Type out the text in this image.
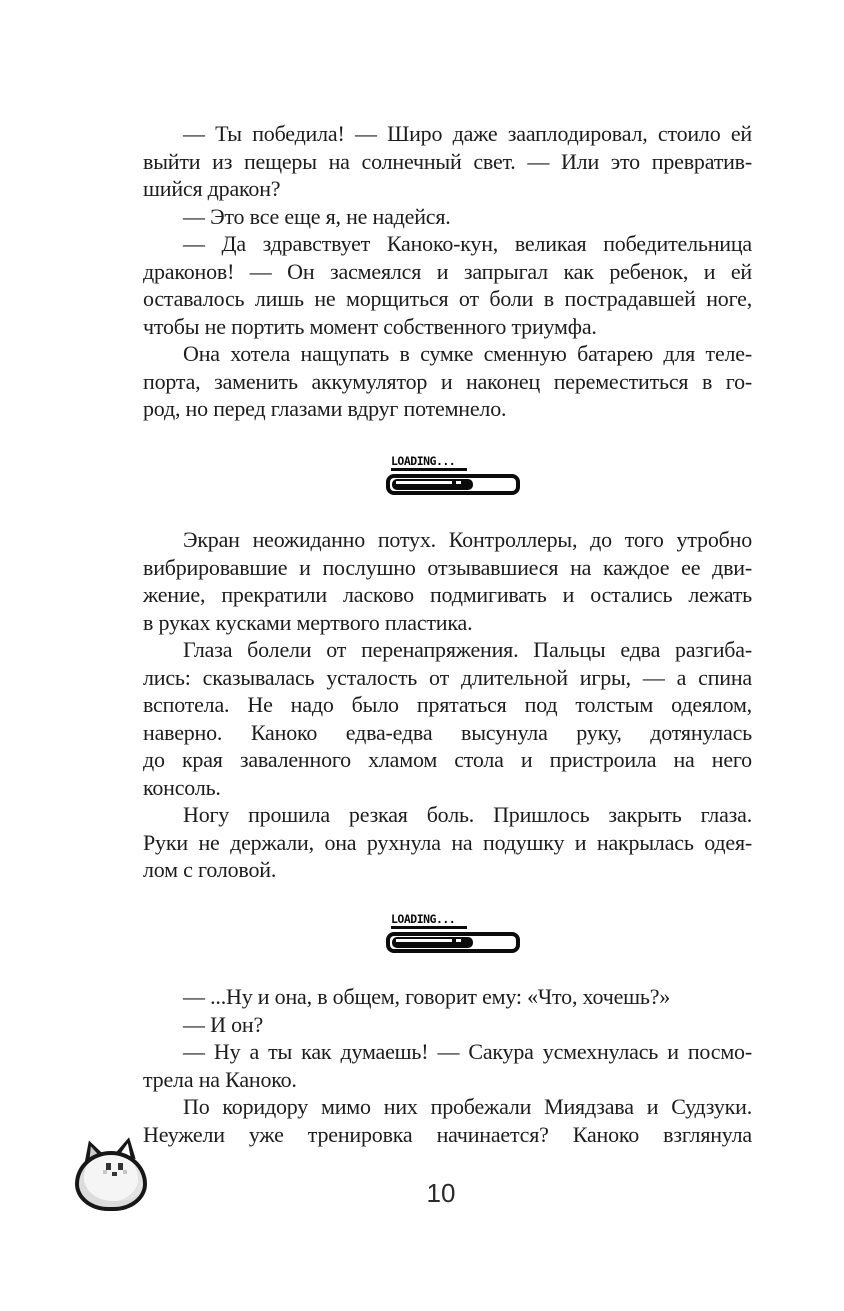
— Ты победила! — Широ даже зааплодировал, стоило ей
выйти из пещеры на солнечный свет. — Или это превратив-
шийся дракон?
— Это все еще я, не надейся.
— Да здравствует Каноко-кун, великая победительница
драконов! — Он засмеялся и запрыгал как ребенок, и ей
оставалось лишь не морщиться от боли в пострадавшей ноге,
чтобы не портить момент собственного триумфа.
Она хотела нащупать в сумке сменную батарею для теле-
порта, заменить аккумулятор и наконец переместиться в го-
род, но перед глазами вдруг потемнело.
LOADING...
Экран неожиданно потух. Контроллеры, до того утробно
вибрировавшие и послушно отзывавшиеся на каждое ее дви-
жение, прекратили ласково подмигивать и остались лежать
в руках кусками мертвого пластика.
Глаза болели от перенапряжения. Пальцы едва разгиба-
лись: сказывалась усталость от длительной игры, — а спина
вспотела. Не надо было прятаться под толстым одеялом,
наверно. Каноко едва-едва высунула руку, дотянулась
до края заваленного хламом стола и пристроила на него
консоль.
Ногу прошила резкая боль. Пришлось закрыть глаза.
Руки не держали, она рухнула на подушку и накрылась одея-
лом с головой.
LOADING...
— ...Ну и она, в общем, говорит ему: «Что, хочешь?»
— И он?
— Ну а ты как думаешь! — Сакура усмехнулась и посмо-
трела на Каноко.
По коридору мимо них пробежали Миядзава и Судзуки.
Неужели уже тренировка начинается? Каноко взглянула
10
